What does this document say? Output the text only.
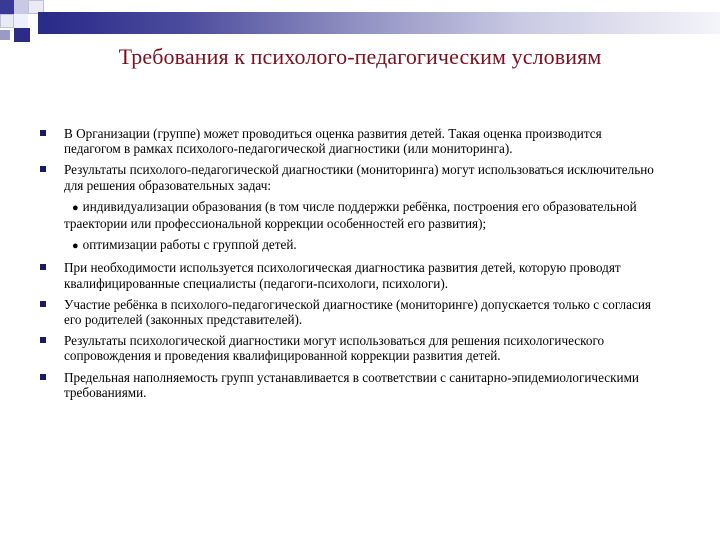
Требования к психолого-педагогическим условиям
В Организации (группе) может проводиться оценка развития детей. Такая оценка производится педагогом в рамках психолого-педагогической диагностики (или мониторинга).
Результаты психолого-педагогической диагностики (мониторинга) могут использоваться исключительно для решения образовательных задач:
● индивидуализации образования (в том числе поддержки ребёнка, построения его образовательной траектории или профессиональной коррекции особенностей его развития);
● оптимизации работы с группой детей.
При необходимости используется психологическая диагностика развития детей, которую проводят квалифицированные специалисты (педагоги-психологи, психологи).
Участие ребёнка в психолого-педагогической диагностике (мониторинге) допускается только с согласия его родителей (законных представителей).
Результаты психологической диагностики могут использоваться для решения психологического сопровождения и проведения квалифицированной коррекции развития детей.
Предельная наполняемость групп устанавливается в соответствии с санитарно-эпидемиологическими требованиями.
